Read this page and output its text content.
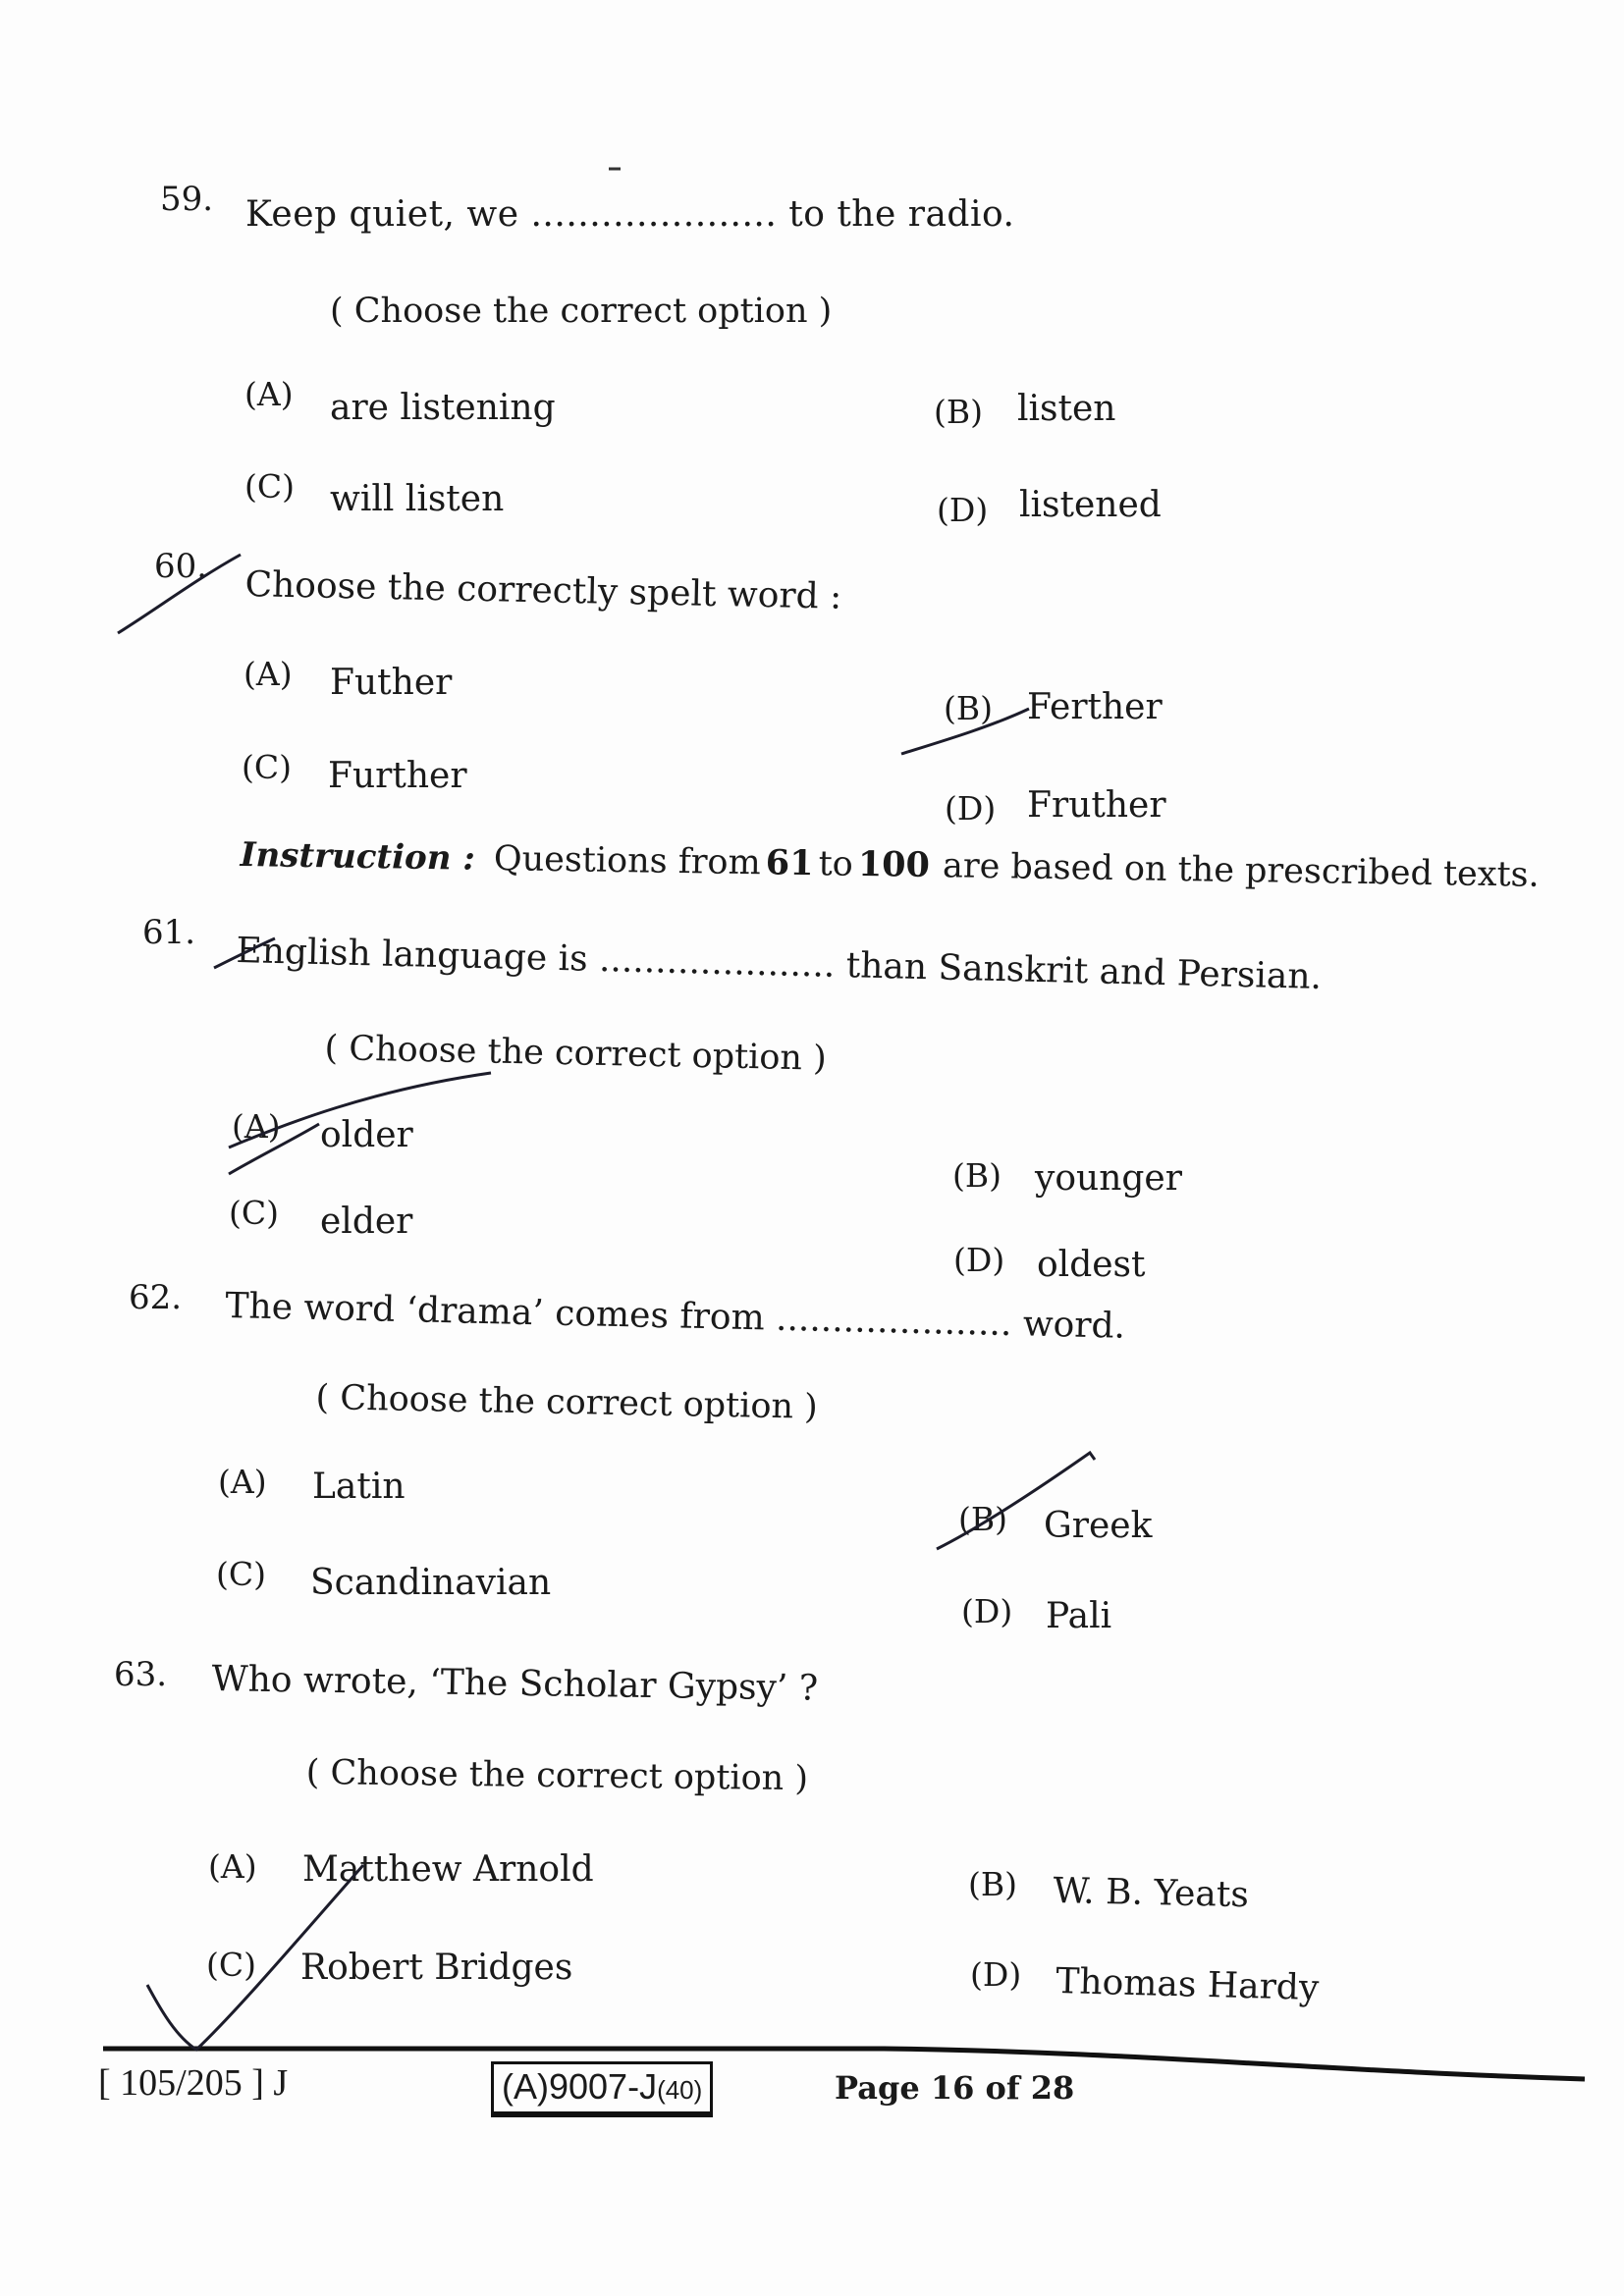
59. Keep quiet, we ..................... to the radio.
( Choose the correct option )
(A) are listening	(B) listen
(C) will listen	(D) listened
60. Choose the correctly spelt word :
(A) Futher
(B) Ferther
(C) Further
(D) Fruther
Instruction : Questions from 61 to 100 are based on the prescribed texts.
61. English language is ..................... than Sanskrit and Persian.
( Choose the correct option )
(A) older
(B) younger
(C) elder
(D) oldest
62. The word ‘drama’ comes from ..................... word.
( Choose the correct option )
(A) Latin
(B) Greek
(C) Scandinavian
(D) Pali
63. Who wrote, ‘The Scholar Gypsy’ ?
( Choose the correct option )
(A) Matthew Arnold	(B) W. B. Yeats
(C) Robert Bridges	(D) Thomas Hardy
[ 105/205 ] J	(A)9007-J(40)	Page 16 of 28
